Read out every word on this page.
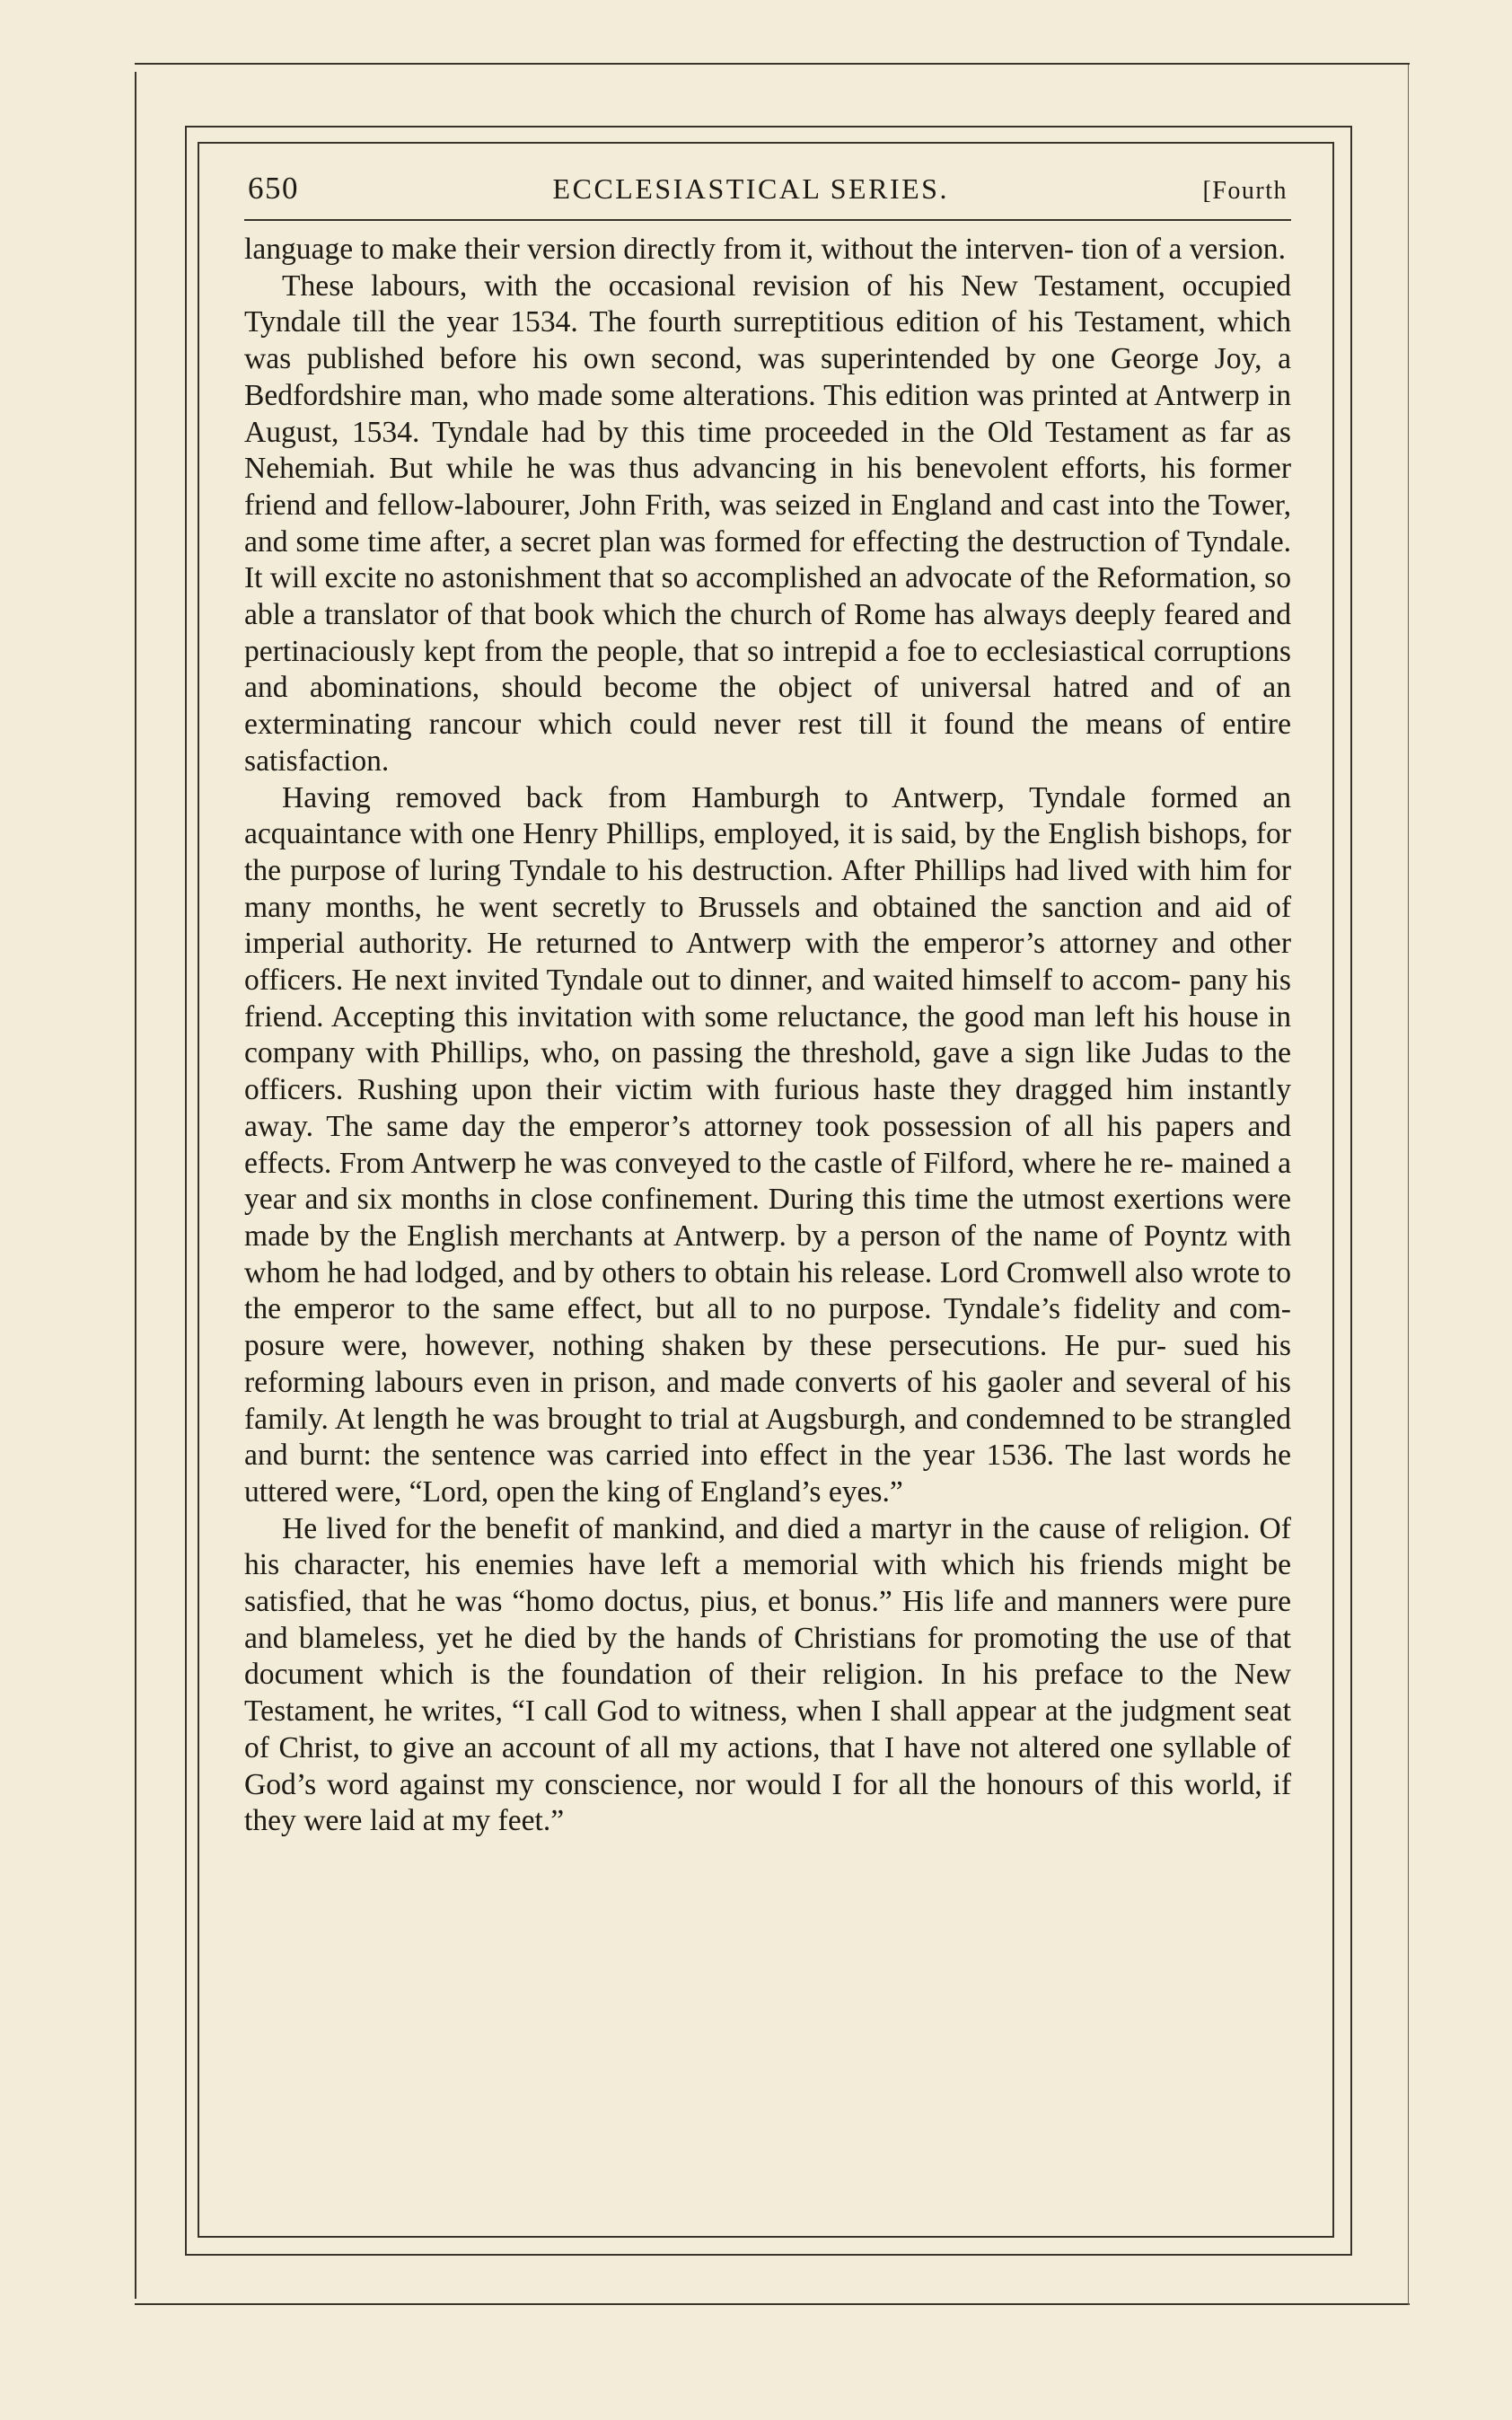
650	ECCLESIASTICAL SERIES.	[Fourth

language to make their version directly from it, without the interven- tion of a version.

These labours, with the occasional revision of his New Testament, occupied Tyndale till the year 1534. The fourth surreptitious edition of his Testament, which was published before his own second, was superintended by one George Joy, a Bedfordshire man, who made some alterations. This edition was printed at Antwerp in August, 1534. Tyndale had by this time proceeded in the Old Testament as far as Nehemiah. But while he was thus advancing in his benevolent efforts, his former friend and fellow-labourer, John Frith, was seized in England and cast into the Tower, and some time after, a secret plan was formed for effecting the destruction of Tyndale. It will excite no astonishment that so accomplished an advocate of the Reformation, so able a translator of that book which the church of Rome has always deeply feared and pertinaciously kept from the people, that so intrepid a foe to ecclesiastical corruptions and abominations, should become the object of universal hatred and of an exterminating rancour which could never rest till it found the means of entire satisfaction.

Having removed back from Hamburgh to Antwerp, Tyndale formed an acquaintance with one Henry Phillips, employed, it is said, by the English bishops, for the purpose of luring Tyndale to his destruction. After Phillips had lived with him for many months, he went secretly to Brussels and obtained the sanction and aid of imperial authority. He returned to Antwerp with the emperor’s attorney and other officers. He next invited Tyndale out to dinner, and waited himself to accom- pany his friend. Accepting this invitation with some reluctance, the good man left his house in company with Phillips, who, on passing the threshold, gave a sign like Judas to the officers. Rushing upon their victim with furious haste they dragged him instantly away. The same day the emperor’s attorney took possession of all his papers and effects. From Antwerp he was conveyed to the castle of Filford, where he re- mained a year and six months in close confinement. During this time the utmost exertions were made by the English merchants at Antwerp. by a person of the name of Poyntz with whom he had lodged, and by others to obtain his release. Lord Cromwell also wrote to the emperor to the same effect, but all to no purpose. Tyndale’s fidelity and com- posure were, however, nothing shaken by these persecutions. He pur- sued his reforming labours even in prison, and made converts of his gaoler and several of his family. At length he was brought to trial at Augsburgh, and condemned to be strangled and burnt: the sentence was carried into effect in the year 1536. The last words he uttered were, “Lord, open the king of England’s eyes.”

He lived for the benefit of mankind, and died a martyr in the cause of religion. Of his character, his enemies have left a memorial with which his friends might be satisfied, that he was “homo doctus, pius, et bonus.” His life and manners were pure and blameless, yet he died by the hands of Christians for promoting the use of that document which is the foundation of their religion. In his preface to the New Testament, he writes, “I call God to witness, when I shall appear at the judgment seat of Christ, to give an account of all my actions, that I have not altered one syllable of God’s word against my conscience, nor would I for all the honours of this world, if they were laid at my feet.”
